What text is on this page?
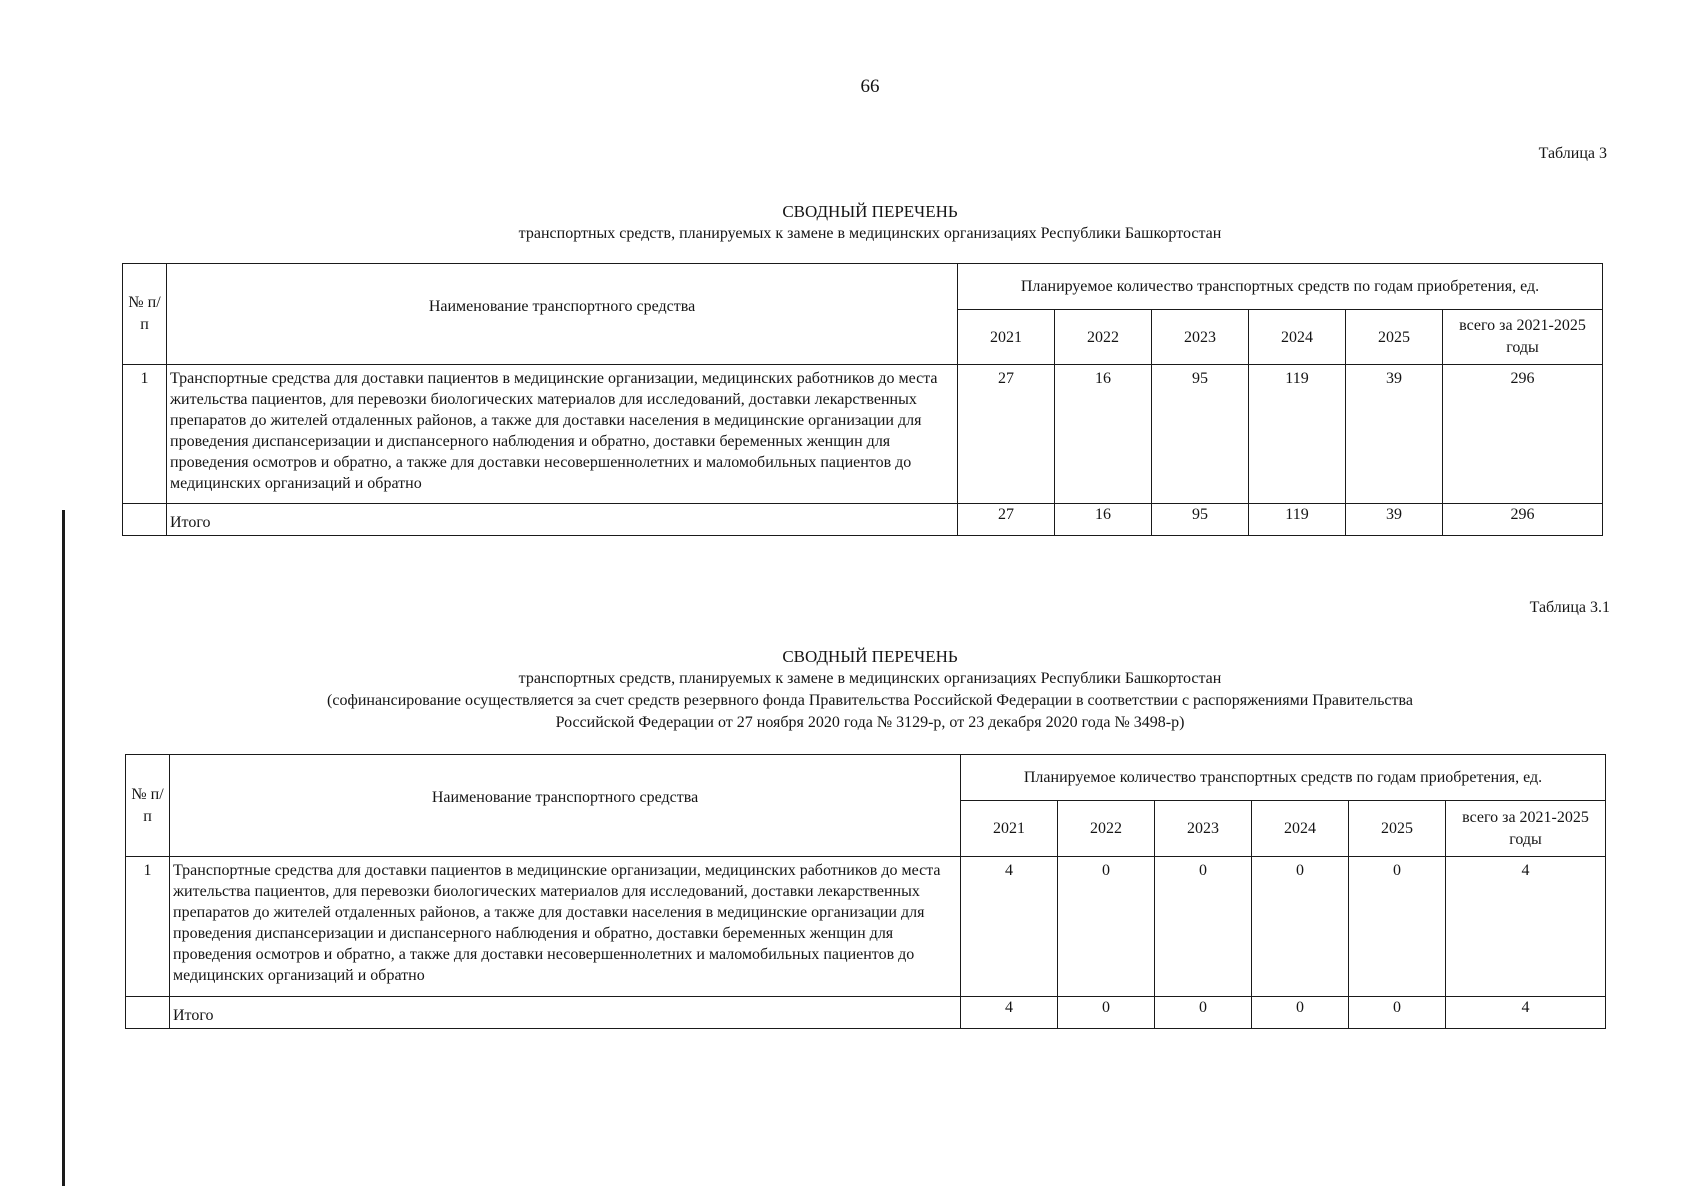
66
Таблица 3
СВОДНЫЙ ПЕРЕЧЕНЬ
транспортных средств, планируемых к замене в медицинских организациях Республики Башкортостан
№ п/п	Наименование транспортного средства	Планируемое количество транспортных средств по годам приобретения, ед.					
		2021	2022	2023	2024	2025	всего за 2021-2025 годы
1	Транспортные средства для доставки пациентов в медицинские организации, медицинских работников до места жительства пациентов, для перевозки биологических материалов для исследований, доставки лекарственных препаратов до жителей отдаленных районов, а также для доставки населения в медицинские организации для проведения диспансеризации и диспансерного наблюдения и обратно, доставки беременных женщин для проведения осмотров и обратно, а также для доставки несовершеннолетних и маломобильных пациентов до медицинских организаций и обратно	27	16	95	119	39	296
	Итого	27	16	95	119	39	296
Таблица 3.1
СВОДНЫЙ ПЕРЕЧЕНЬ
транспортных средств, планируемых к замене в медицинских организациях Республики Башкортостан
(софинансирование осуществляется за счет средств резервного фонда Правительства Российской Федерации в соответствии с распоряжениями Правительства
Российской Федерации от 27 ноября 2020 года № 3129-р, от 23 декабря 2020 года № 3498-р)
№ п/п	Наименование транспортного средства	Планируемое количество транспортных средств по годам приобретения, ед.					
		2021	2022	2023	2024	2025	всего за 2021-2025 годы
1	Транспортные средства для доставки пациентов в медицинские организации, медицинских работников до места жительства пациентов, для перевозки биологических материалов для исследований, доставки лекарственных препаратов до жителей отдаленных районов, а также для доставки населения в медицинские организации для проведения диспансеризации и диспансерного наблюдения и обратно, доставки беременных женщин для проведения осмотров и обратно, а также для доставки несовершеннолетних и маломобильных пациентов до медицинских организаций и обратно	4	0	0	0	0	4
	Итого	4	0	0	0	0	4
